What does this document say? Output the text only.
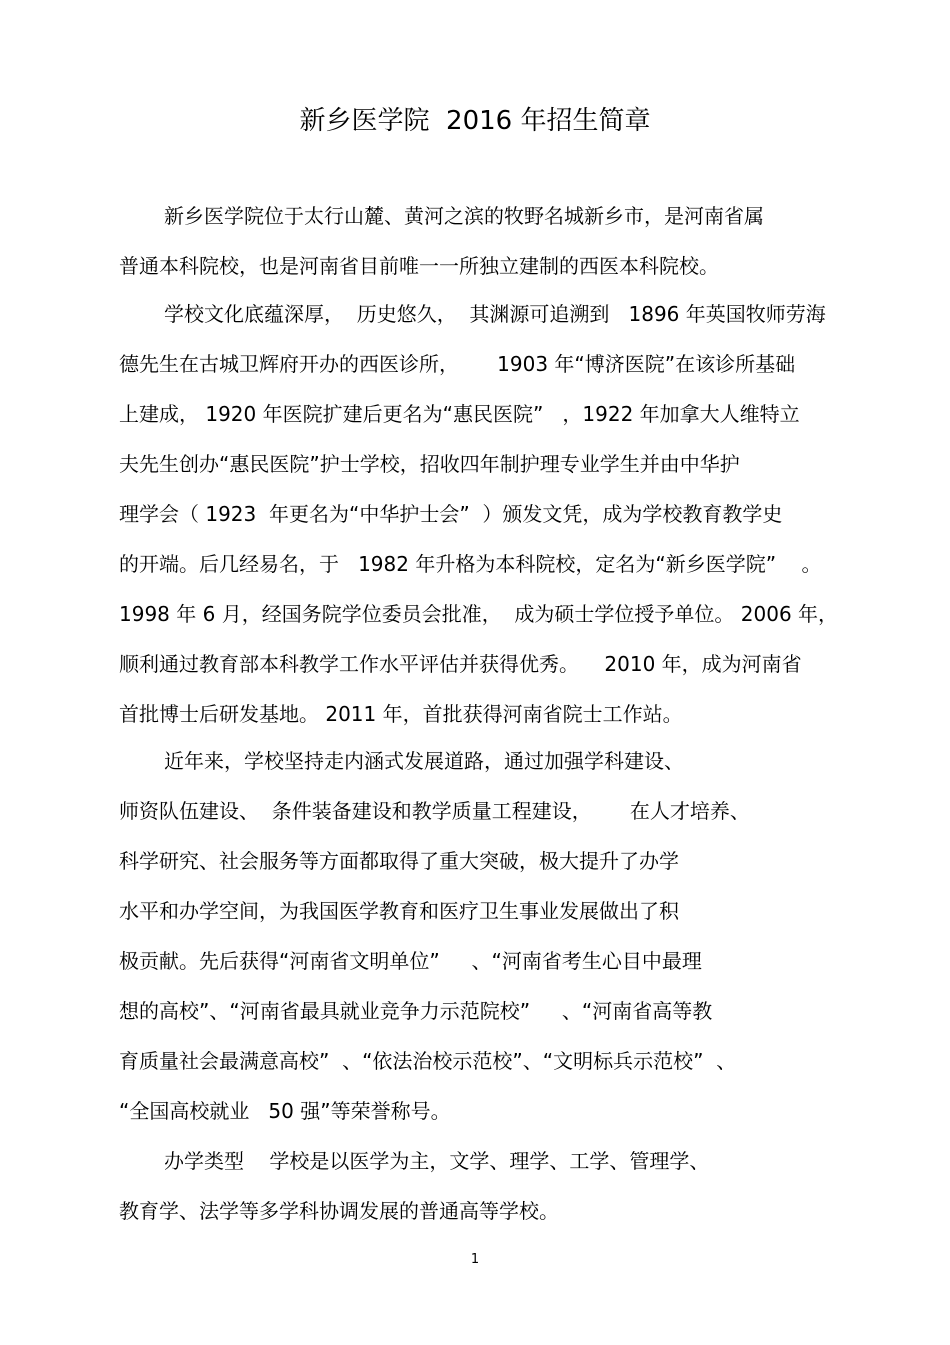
新乡医学院  2016 年招生简章
新乡医学院位于太行山麓、黄河之滨的牧野名城新乡市，是河南省属
普通本科院校，也是河南省目前唯一一所独立建制的西医本科院校。
学校文化底蕴深厚，  历史悠久，  其渊源可追溯到   1896 年英国牧师劳海
德先生在古城卫辉府开办的西医诊所，      1903 年“博济医院”在该诊所基础
上建成， 1920 年医院扩建后更名为“惠民医院”   ，1922 年加拿大人维特立
夫先生创办“惠民医院”护士学校，招收四年制护理专业学生并由中华护
理学会（ 1923  年更名为“中华护士会”  ）颁发文凭，成为学校教育教学史
的开端。后几经易名，于   1982 年升格为本科院校，定名为“新乡医学院”    。
1998 年 6 月，经国务院学位委员会批准，  成为硕士学位授予单位。 2006 年，
顺利通过教育部本科教学工作水平评估并获得优秀。    2010 年，成为河南省
首批博士后研发基地。 2011 年，首批获得河南省院士工作站。
近年来，学校坚持走内涵式发展道路，通过加强学科建设、
师资队伍建设、  条件装备建设和教学质量工程建设，      在人才培养、
科学研究、社会服务等方面都取得了重大突破，极大提升了办学
水平和办学空间，为我国医学教育和医疗卫生事业发展做出了积
极贡献。先后获得“河南省文明单位”     、“河南省考生心目中最理
想的高校”、“河南省最具就业竞争力示范院校”     、“河南省高等教
育质量社会最满意高校”  、“依法治校示范校”、“文明标兵示范校”  、
“全国高校就业   50 强”等荣誉称号。
办学类型    学校是以医学为主，文学、理学、工学、管理学、
教育学、法学等多学科协调发展的普通高等学校。
1
